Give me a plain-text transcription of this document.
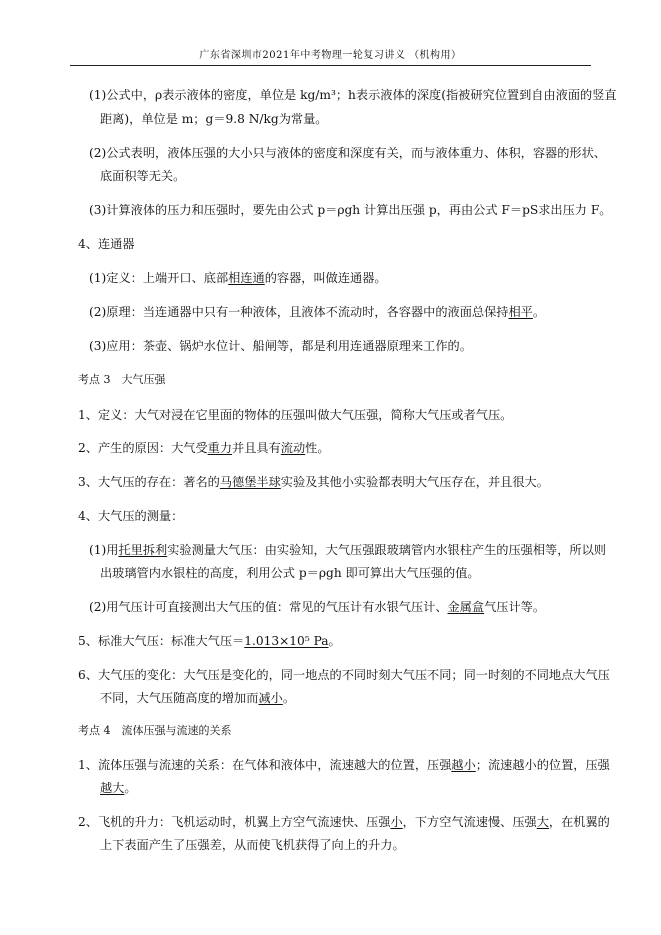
广东省深圳市2021年中考物理一轮复习讲义 （机构用）
(1)公式中，ρ表示液体的密度，单位是 kg/m³；h表示液体的深度(指被研究位置到自由液面的竖直
距离)，单位是 m；g＝9.8 N/kg为常量。
(2)公式表明，液体压强的大小只与液体的密度和深度有关，而与液体重力、体积，容器的形状、
底面积等无关。
(3)计算液体的压力和压强时，要先由公式 p＝ρgh 计算出压强 p，再由公式 F＝pS求出压力 F。
4、连通器
(1)定义：上端开口、底部相连通的容器，叫做连通器。
(2)原理：当连通器中只有一种液体，且液体不流动时，各容器中的液面总保持相平。
(3)应用：茶壶、锅炉水位计、船闸等，都是利用连通器原理来工作的。
考点 3　大气压强
1、定义：大气对浸在它里面的物体的压强叫做大气压强，简称大气压或者气压。
2、产生的原因：大气受重力并且具有流动性。
3、大气压的存在：著名的马德堡半球实验及其他小实验都表明大气压存在，并且很大。
4、大气压的测量：
(1)用托里拆利实验测量大气压：由实验知，大气压强跟玻璃管内水银柱产生的压强相等，所以则
出玻璃管内水银柱的高度，利用公式 p＝ρgh 即可算出大气压强的值。
(2)用气压计可直接测出大气压的值：常见的气压计有水银气压计、金属盒气压计等。
5、标准大气压：标准大气压＝1.013×10⁵ Pa。
6、大气压的变化：大气压是变化的，同一地点的不同时刻大气压不同；同一时刻的不同地点大气压
不同，大气压随高度的增加而减小。
考点 4　流体压强与流速的关系
1、流体压强与流速的关系：在气体和液体中，流速越大的位置，压强越小；流速越小的位置，压强
越大。
2、飞机的升力：飞机运动时，机翼上方空气流速快、压强小，下方空气流速慢、压强大，在机翼的
上下表面产生了压强差，从而使飞机获得了向上的升力。
